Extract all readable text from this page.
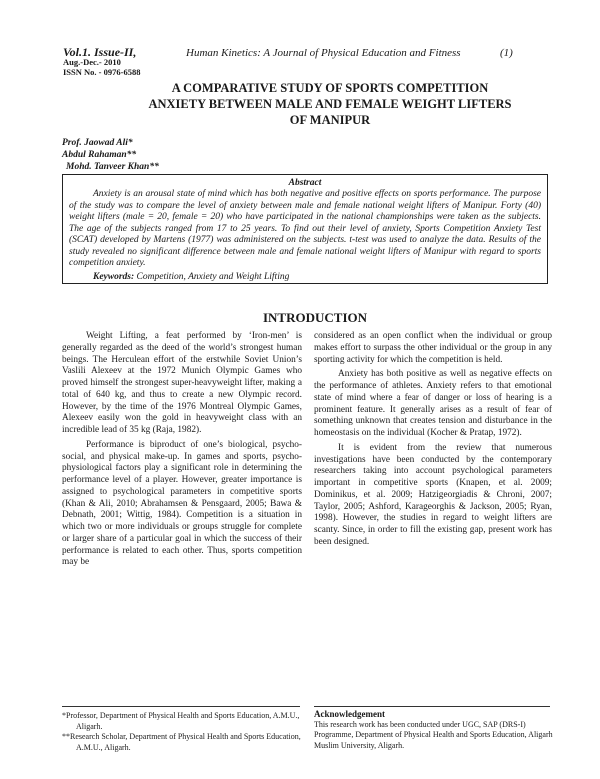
Vol.1. Issue-II,
Aug.-Dec.- 2010
ISSN No. - 0976-6588
Human Kinetics: A Journal of Physical Education and Fitness	(1)
A COMPARATIVE STUDY OF SPORTS COMPETITION
ANXIETY BETWEEN MALE AND FEMALE WEIGHT LIFTERS
OF MANIPUR
Prof. Jaowad Ali*
Abdul Rahaman**
Mohd. Tanveer Khan**
Abstract

Anxiety is an arousal state of mind which has both negative and positive effects on sports performance. The purpose of the study was to compare the level of anxiety between male and female national weight lifters of Manipur. Forty (40) weight lifters (male = 20, female = 20) who have participated in the national championships were taken as the subjects. The age of the subjects ranged from 17 to 25 years. To find out their level of anxiety, Sports Competition Anxiety Test (SCAT) developed by Martens (1977) was administered on the subjects. t-test was used to analyze the data. Results of the study revealed no significant difference between male and female national weight lifters of Manipur with regard to sports competition anxiety.

Keywords: Competition, Anxiety and Weight Lifting
INTRODUCTION

Weight Lifting, a feat performed by ‘Iron-men’ is generally regarded as the deed of the world’s strongest human beings. The Herculean effort of the erstwhile Soviet Union’s Vaslili Alexeev at the 1972 Munich Olympic Games who proved himself the strongest super-heavyweight lifter, making a total of 640 kg, and thus to create a new Olympic record. However, by the time of the 1976 Montreal Olympic Games, Alexeev easily won the gold in heavyweight class with an incredible lead of 35 kg (Raja, 1982).

Performance is biproduct of one’s biological, psycho-social, and physical make-up. In games and sports, psycho-physiological factors play a significant role in determining the performance level of a player. However, greater importance is assigned to psychological parameters in competitive sports (Khan & Ali, 2010; Abrahamsen & Pensgaard, 2005; Bawa & Debnath, 2001; Wittig, 1984). Competition is a situation in which two or more individuals or groups struggle for complete or larger share of a particular goal in which the success of their performance is related to each other. Thus, sports competition may be

considered as an open conflict when the individual or group makes effort to surpass the other individual or the group in any sporting activity for which the competition is held.

Anxiety has both positive as well as negative effects on the performance of athletes. Anxiety refers to that emotional state of mind where a fear of danger or loss of hearing is a prominent feature. It generally arises as a result of fear of something unknown that creates tension and disturbance in the homeostasis on the individual (Kocher & Pratap, 1972).

It is evident from the review that numerous investigations have been conducted by the contemporary researchers taking into account psychological parameters important in competitive sports (Knapen, et al. 2009; Dominikus, et al. 2009; Hatzigeorgiadis & Chroni, 2007; Taylor, 2005; Ashford, Karageorghis & Jackson, 2005; Ryan, 1998). However, the studies in regard to weight lifters are scanty. Since, in order to fill the existing gap, present work has been designed.

*Professor, Department of Physical Health and Sports Education, A.M.U., Aligarh.

**Research Scholar, Department of Physical Health and Sports Education, A.M.U., Aligarh.

Acknowledgement

This research work has been conducted under UGC, SAP (DRS-I) Programme, Department of Physical Health and Sports Education, Aligarh Muslim University, Aligarh.
